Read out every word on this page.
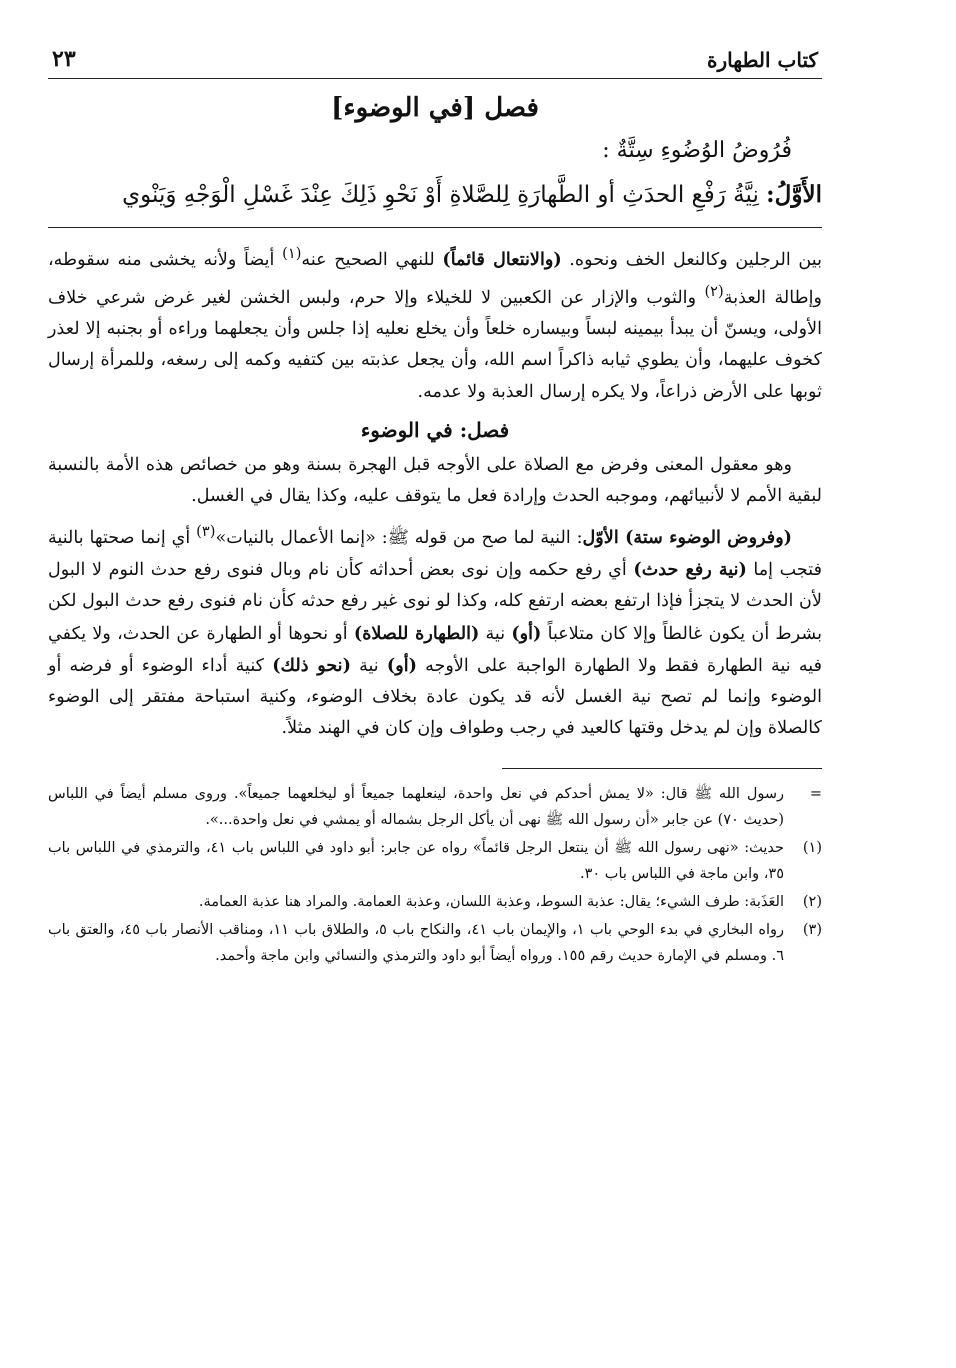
كتاب الطهارة
٢٣
فصل [في الوضوء]
فُرُوضُ الوُضُوءِ سِتَّةٌ :
الأَوَّلُ: نِيَّةُ رَفْعِ الحدَثِ أو الطَّهارَةِ لِلصَّلاةِ أَوْ نَحْوِ ذَلِكَ عِنْدَ غَسْلِ الْوَجْهِ وَيَنْوي

بين الرجلين وكالنعل الخف ونحوه. (والانتعال قائماً) للنهي الصحيح عنه$^{(١)}$ أيضاً ولأنه يخشى منه سقوطه، وإطالة العذبة$^{(٢)}$ والثوب والإزار عن الكعبين لا للخيلاء وإلا حرم، ولبس الخشن لغير غرض شرعي خلاف الأولى، ويسنّ أن يبدأ بيمينه لبساً وبيساره خلعاً وأن يخلع نعليه إذا جلس وأن يجعلهما وراءه أو بجنبه إلا لعذر كخوف عليهما، وأن يطوي ثيابه ذاكراً اسم الله، وأن يجعل عذبته بين كتفيه وكمه إلى رسغه، وللمرأة إرسال ثوبها على الأرض ذراعاً، ولا يكره إرسال العذبة ولا عدمه.

فصل: في الوضوء

وهو معقول المعنى وفرض مع الصلاة على الأوجه قبل الهجرة بسنة وهو من خصائص هذه الأمة بالنسبة لبقية الأمم لا لأنبيائهم، وموجبه الحدث وإرادة فعل ما يتوقف عليه، وكذا يقال في الغسل.

(وفروض الوضوء ستة) الأوّل: النية لما صح من قوله ﷺ: «إنما الأعمال بالنيات»$^{(٣)}$ أي إنما صحتها بالنية فتجب إما (نية رفع حدث) أي رفع حكمه وإن نوى بعض أحداثه كأن نام وبال فنوى رفع حدث النوم لا البول لأن الحدث لا يتجزأ فإذا ارتفع بعضه ارتفع كله، وكذا لو نوى غير رفع حدثه كأن نام فنوى رفع حدث البول لكن بشرط أن يكون غالطاً وإلا كان متلاعباً (أو) نية (الطهارة للصلاة) أو نحوها أو الطهارة عن الحدث، ولا يكفي فيه نية الطهارة فقط ولا الطهارة الواجبة على الأوجه (أو) نية (نحو ذلك) كنية أداء الوضوء أو فرضه أو الوضوء وإنما لم تصح نية الغسل لأنه قد يكون عادة بخلاف الوضوء، وكنية استباحة مفتقر إلى الوضوء كالصلاة وإن لم يدخل وقتها كالعيد في رجب وطواف وإن كان في الهند مثلاً.

=
رسول الله ﷺ قال: «لا يمش أحدكم في نعل واحدة، لينعلهما جميعاً أو ليخلعهما جميعاً». وروى مسلم أيضاً في اللباس (حديث ٧٠) عن جابر «أن رسول الله ﷺ نهى أن يأكل الرجل بشماله أو يمشي في نعل واحدة...».
(١)
حديث: «نهى رسول الله ﷺ أن ينتعل الرجل قائماً» رواه عن جابر: أبو داود في اللباس باب ٤١، والترمذي في اللباس باب ٣٥، وابن ماجة في اللباس باب ٣٠.
(٢)
العَذَبة: طرف الشيء؛ يقال: عذبة السوط، وعذبة اللسان، وعذبة العمامة. والمراد هنا عذبة العمامة.
(٣)
رواه البخاري في بدء الوحي باب ١، والإيمان باب ٤١، والنكاح باب ٥، والطلاق باب ١١، ومناقب الأنصار باب ٤٥، والعتق باب ٦. ومسلم في الإمارة حديث رقم ١٥٥. ورواه أيضاً أبو داود والترمذي والنسائي وابن ماجة وأحمد.
